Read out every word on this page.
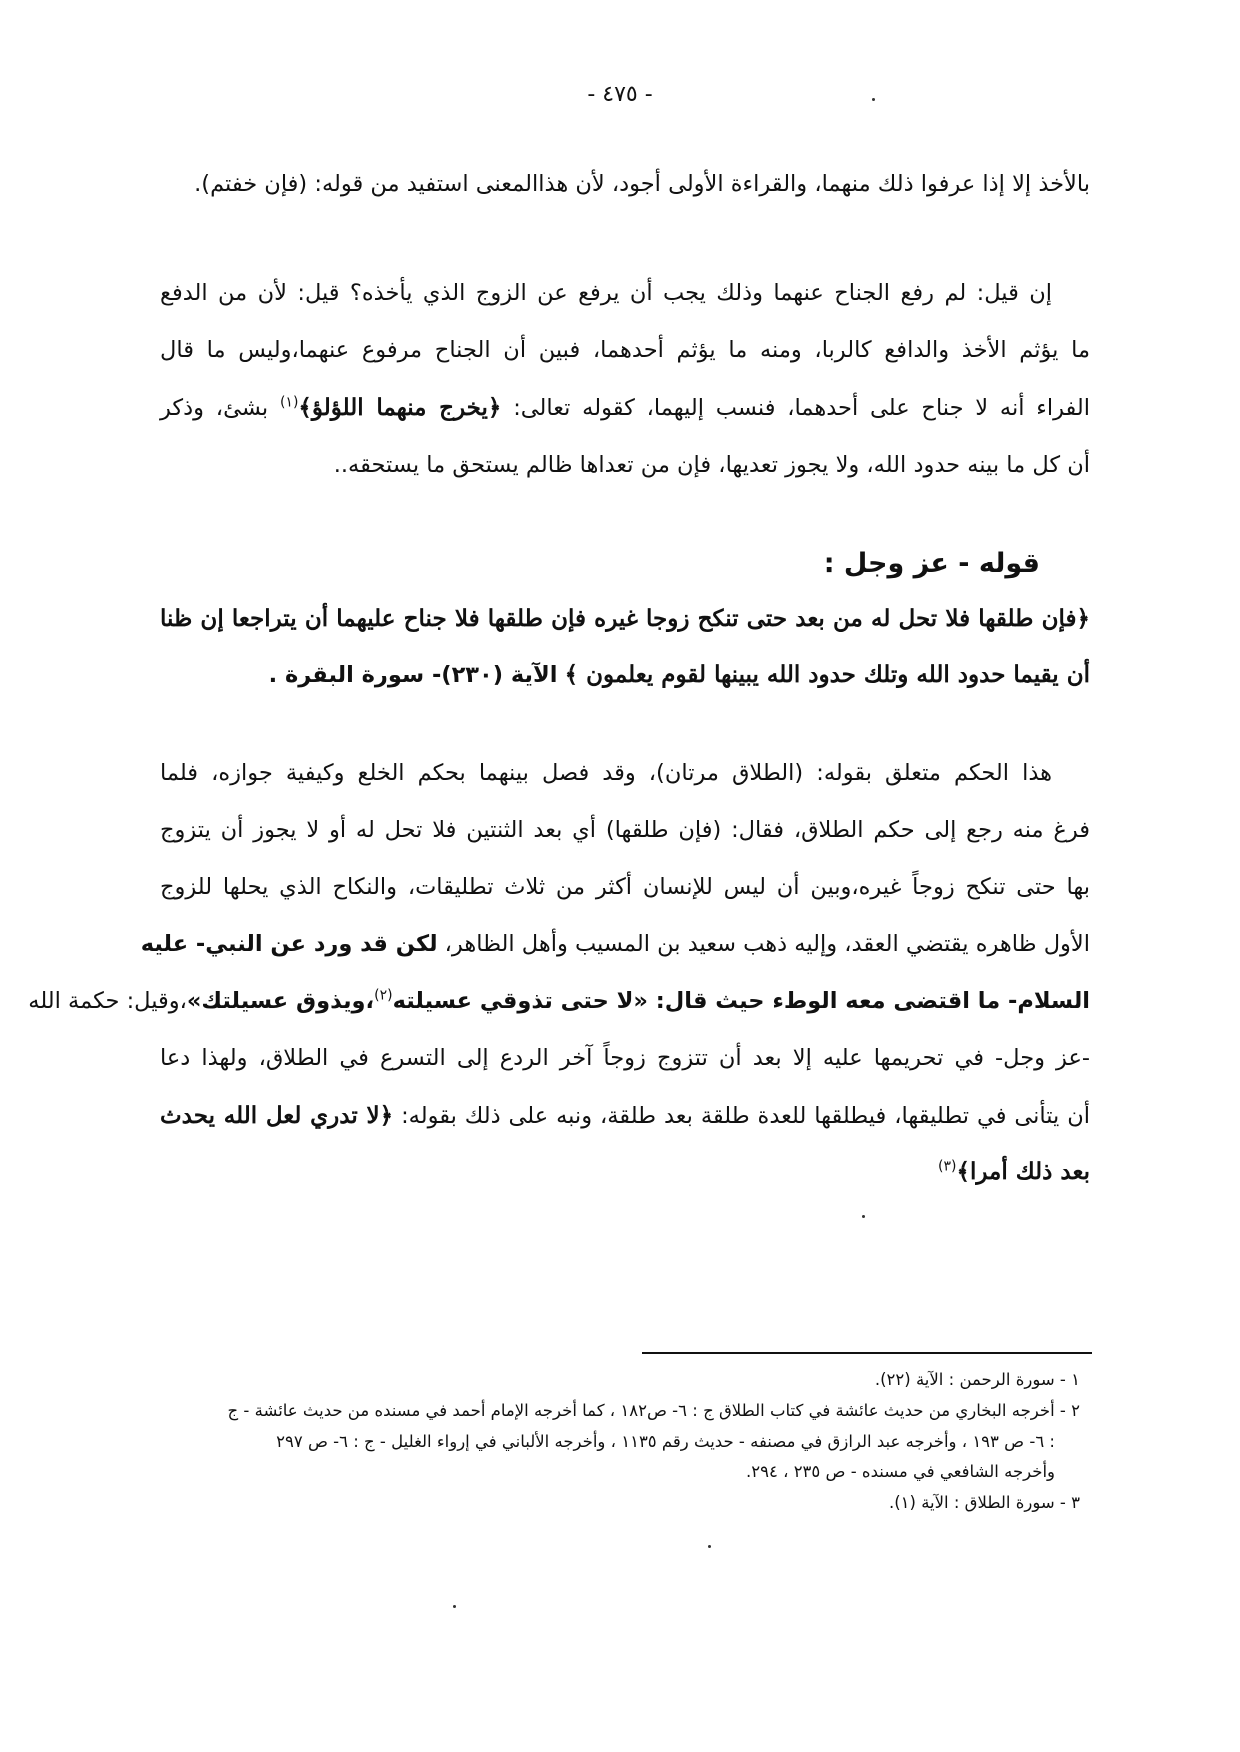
- ٤٧٥ -
بالأخذ إلا إذا عرفوا ذلك منهما، والقراءة الأولى أجود، لأن هذاالمعنى استفيد من قوله: (فإن خفتم).
إن قيل: لم رفع الجناح عنهما وذلك يجب أن يرفع عن الزوج الذي يأخذه؟ قيل: لأن من الدفع
ما يؤثم الأخذ والدافع كالربا، ومنه ما يؤثم أحدهما، فبين أن الجناح مرفوع عنهما،وليس ما قال
الفراء أنه لا جناح على أحدهما، فنسب إليهما، كقوله تعالى: ﴿يخرج منهما اللؤلؤ﴾$^{(١)}$ بشئ، وذكر
أن كل ما بينه حدود الله، ولا يجوز تعديها، فإن من تعداها ظالم يستحق ما يستحقه..
قوله - عز وجل :
﴿فإن طلقها فلا تحل له من بعد حتى تنكح زوجا غيره فإن طلقها فلا جناح عليهما أن يتراجعا إن ظنا
أن يقيما حدود الله وتلك حدود الله يبينها لقوم يعلمون ﴾ الآية (٢٣٠)- سورة البقرة .
هذا الحكم متعلق بقوله: (الطلاق مرتان)، وقد فصل بينهما بحكم الخلع وكيفية جوازه، فلما
فرغ منه رجع إلى حكم الطلاق، فقال: (فإن طلقها) أي بعد الثنتين فلا تحل له أو لا يجوز أن يتزوج
بها حتى تنكح زوجاً غيره،وبين أن ليس للإنسان أكثر من ثلاث تطليقات، والنكاح الذي يحلها للزوج
الأول ظاهره يقتضي العقد، وإليه ذهب سعيد بن المسيب وأهل الظاهر، لكن قد ورد عن النبي- عليه
السلام- ما اقتضى معه الوطء حيث قال: «لا حتى تذوقي عسيلته$^{(٢)}$،ويذوق عسيلتك»،وقيل: حكمة الله
-عز وجل- في تحريمها عليه إلا بعد أن تتزوج زوجاً آخر الردع إلى التسرع في الطلاق، ولهذا دعا
أن يتأنى في تطليقها، فيطلقها للعدة طلقة بعد طلقة، ونبه على ذلك بقوله: ﴿لا تدري لعل الله يحدث
بعد ذلك أمرا﴾$^{(٣)}$
١ - سورة الرحمن : الآية (٢٢).
٢ - أخرجه البخاري من حديث عائشة في كتاب الطلاق ج : ٦- ص١٨٢ ، كما أخرجه الإمام أحمد في مسنده من حديث عائشة - ج
: ٦- ص ١٩٣ ، وأخرجه عبد الرازق في مصنفه - حديث رقم ١١٣٥ ، وأخرجه الألباني في إرواء الغليل - ج : ٦- ص ٢٩٧
وأخرجه الشافعي في مسنده - ص ٢٣٥ ، ٢٩٤.
٣ - سورة الطلاق : الآية (١).
